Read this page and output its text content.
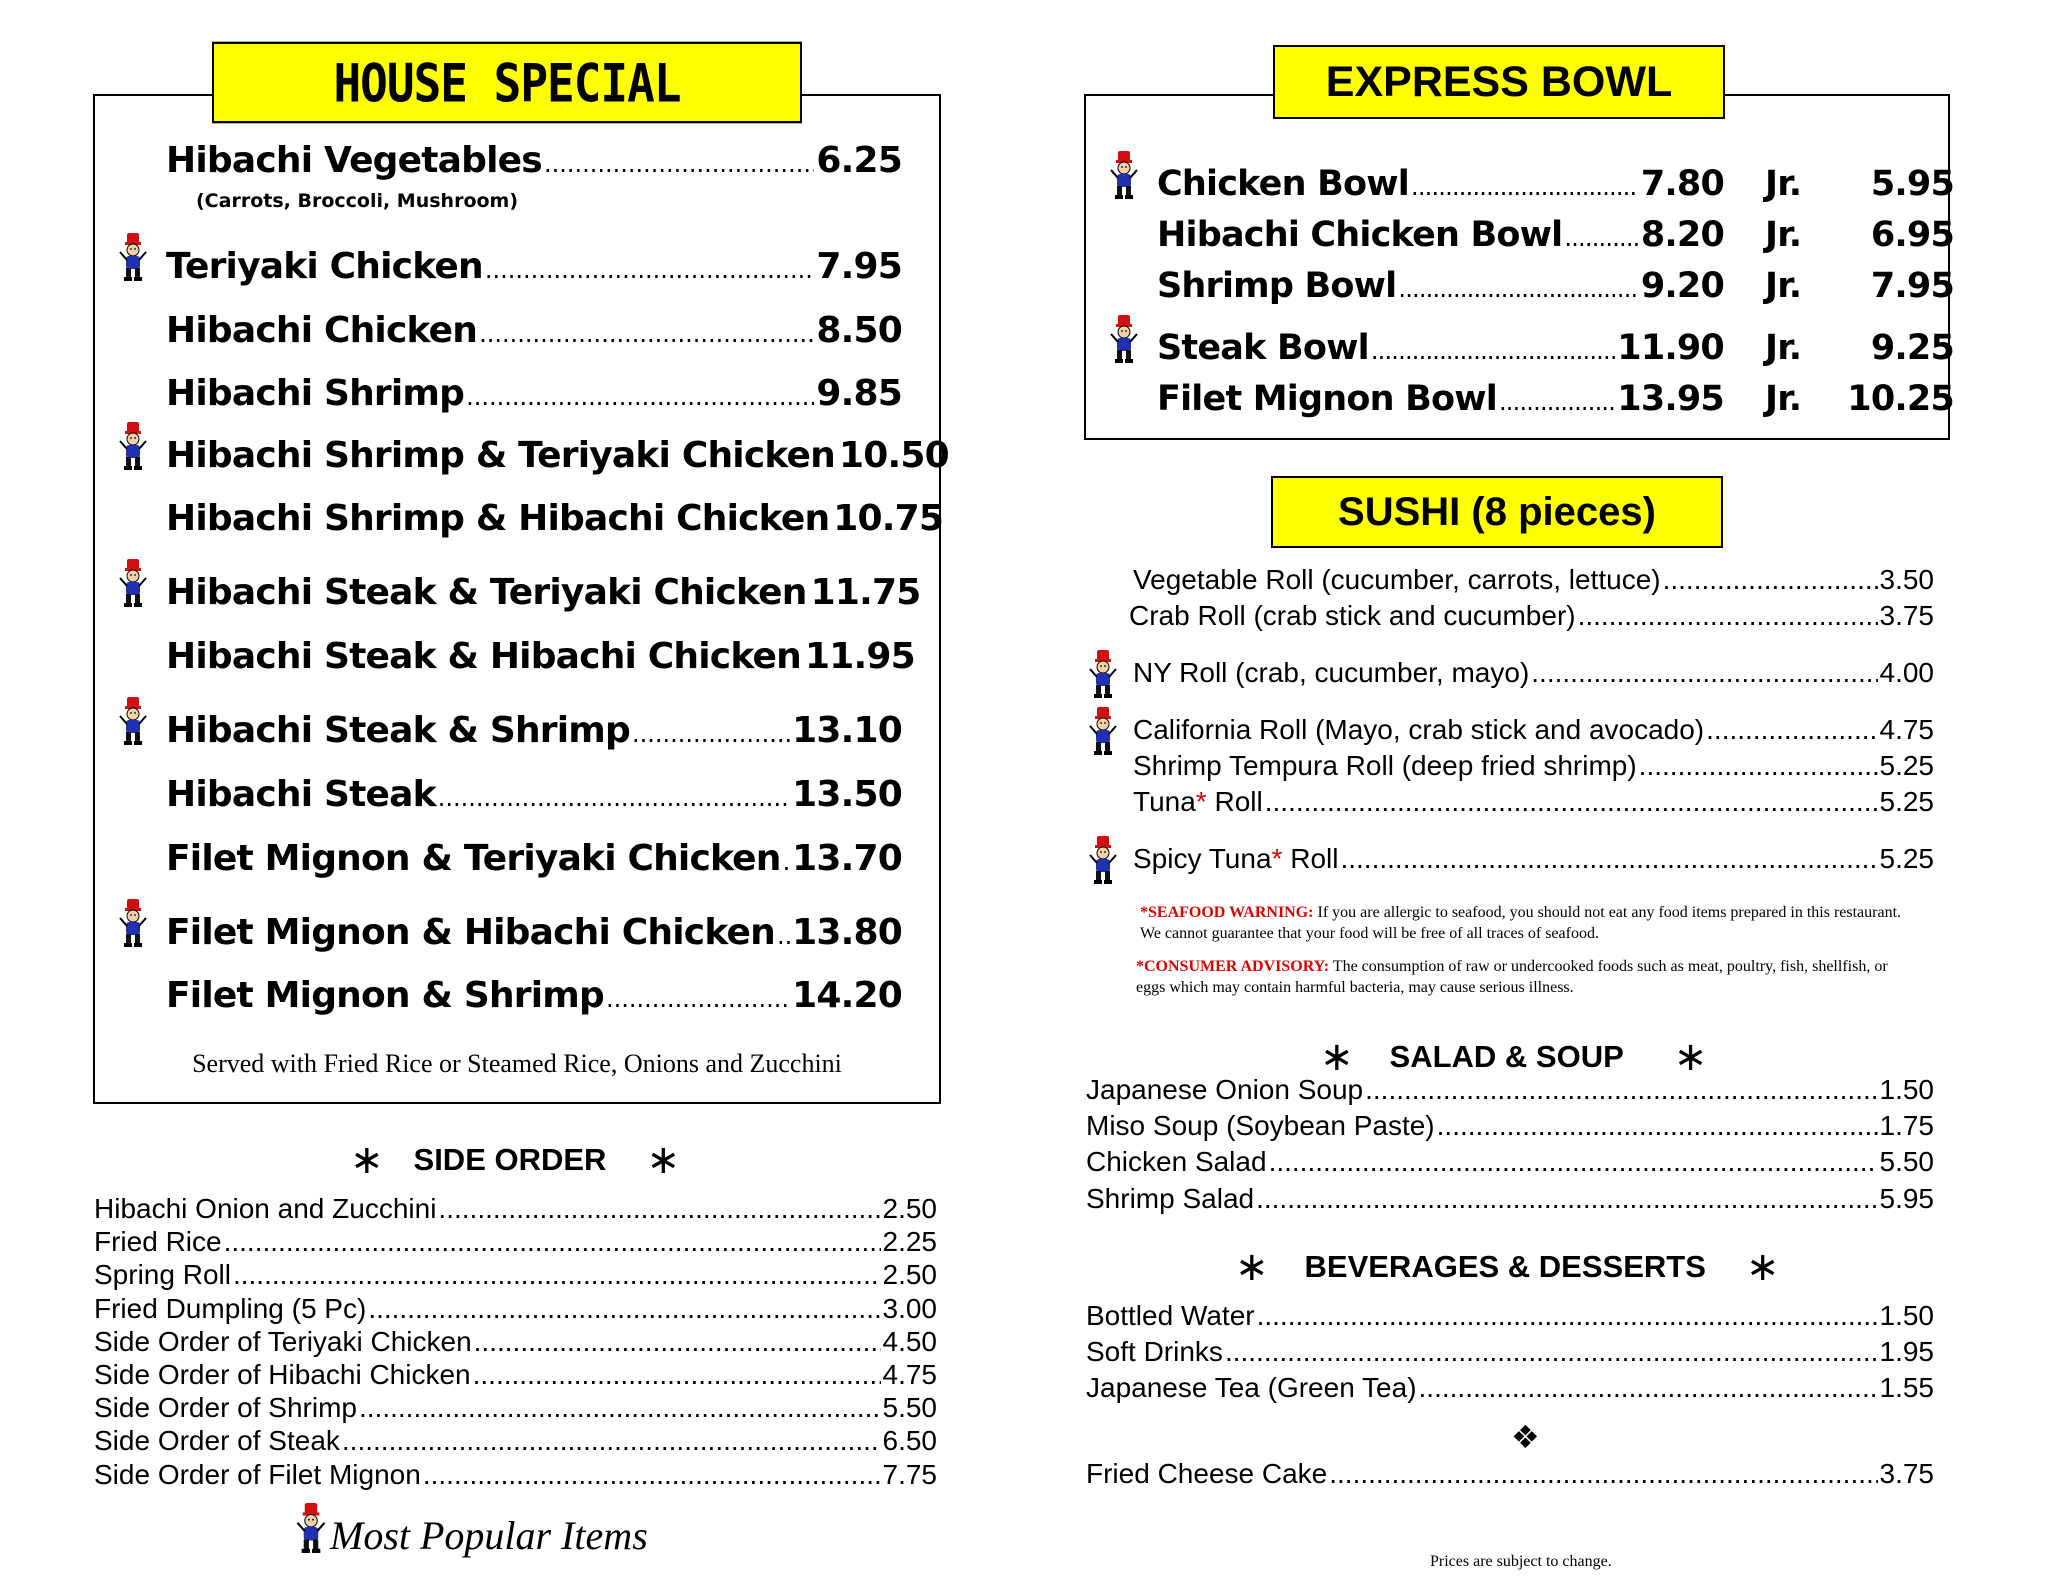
HOUSE SPECIAL
Hibachi Vegetables .....	6.25
Teriyaki Chicken .....	7.95
Hibachi Chicken .....	8.50
Hibachi Shrimp .....	9.85
Hibachi Shrimp & Teriyaki Chicken 10.50
Hibachi Shrimp & Hibachi Chicken 10.75
Hibachi Steak & Teriyaki Chicken 11.75
Hibachi Steak & Hibachi Chicken 11.95
Hibachi Steak & Shrimp .....	13.10
Hibachi Steak .....	13.50
Filet Mignon & Teriyaki Chicken ..... 13.70
Filet Mignon & Hibachi Chicken ..... 13.80
Filet Mignon & Shrimp .....	14.20
(Carrots, Broccoli, Mushroom)
Served with Fried Rice or Steamed Rice, Onions and Zucchini
∗ SIDE ORDER ∗
Hibachi Onion and Zucchini .....	2.50
Fried Rice .....	2.25
Spring Roll .....	2.50
Fried Dumpling (5 Pc) .....	3.00
Side Order of Teriyaki Chicken .....	4.50
Side Order of Hibachi Chicken .....	4.75
Side Order of Shrimp .....	5.50
Side Order of Steak .....	6.50
Side Order of Filet Mignon .....	7.75
Most Popular Items
EXPRESS BOWL
Chicken Bowl .....	7.80 Jr.	5.95
Hibachi Chicken Bowl ..... 8.20 Jr.	6.95
Shrimp Bowl .....	9.20 Jr.	7.95
Steak Bowl .....	11.90 Jr.	9.25
Filet Mignon Bowl .....	13.95 Jr.	10.25
SUSHI (8 pieces)
Vegetable Roll (cucumber, carrots, lettuce) .....	3.50
Crab Roll (crab stick and cucumber) .....	3.75
NY Roll (crab, cucumber, mayo) .....	4.00
California Roll (Mayo, crab stick and avocado) .....	4.75
Shrimp Tempura Roll (deep fried shrimp) .....	5.25
Tuna* Roll .....	5.25
Spicy Tuna* Roll .....	5.25
*SEAFOOD WARNING: If you are allergic to seafood, you should not eat any food items prepared in this restaurant. We cannot guarantee that your food will be free of all traces of seafood.
*CONSUMER ADVISORY: The consumption of raw or undercooked foods such as meat, poultry, fish, shellfish, or eggs which may contain harmful bacteria, may cause serious illness.
∗ SALAD & SOUP ∗
Japanese Onion Soup .....	1.50
Miso Soup (Soybean Paste) .....	1.75
Chicken Salad .....	5.50
Shrimp Salad .....	5.95
∗ BEVERAGES & DESSERTS ∗
Bottled Water .....	1.50
Soft Drinks .....	1.95
Japanese Tea (Green Tea) .....	1.55
❖
Fried Cheese Cake .....	3.75
Prices are subject to change.
